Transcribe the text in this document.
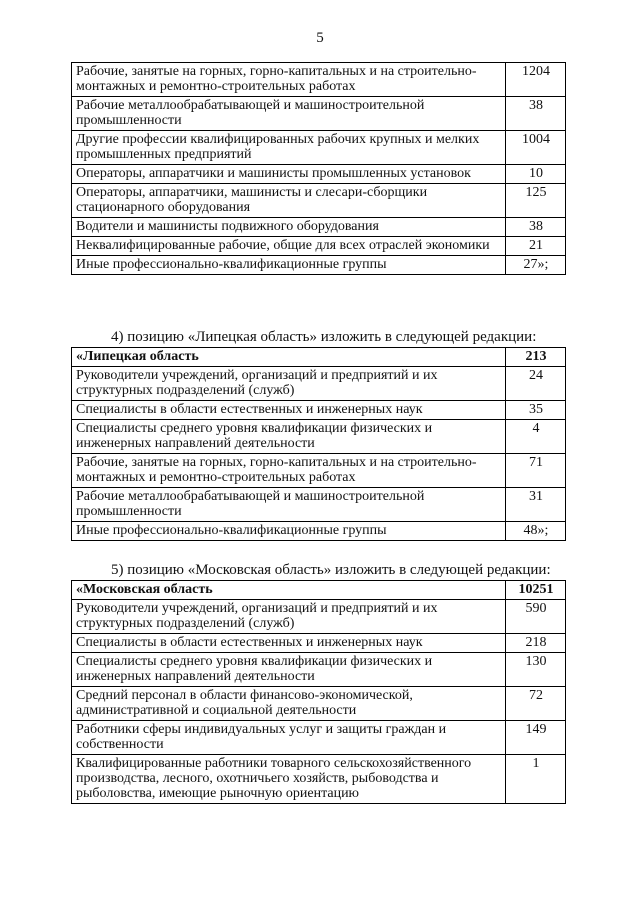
5
Рабочие, занятые на горных, горно-капитальных и на строительно-монтажных и ремонтно-строительных работах	1204
Рабочие металлообрабатывающей и машиностроительной промышленности	38
Другие профессии квалифицированных рабочих крупных и мелких промышленных предприятий	1004
Операторы, аппаратчики и машинисты промышленных установок	10
Операторы, аппаратчики, машинисты и слесари-сборщики стационарного оборудования	125
Водители и машинисты подвижного оборудования	38
Неквалифицированные рабочие, общие для всех отраслей экономики	21
Иные профессионально-квалификационные группы	27»;
4) позицию «Липецкая область» изложить в следующей редакции:
«Липецкая область	213
Руководители учреждений, организаций и предприятий и их структурных подразделений (служб)	24
Специалисты в области естественных и инженерных наук	35
Специалисты среднего уровня квалификации физических и инженерных направлений деятельности	4
Рабочие, занятые на горных, горно-капитальных и на строительно-монтажных и ремонтно-строительных работах	71
Рабочие металлообрабатывающей и машиностроительной промышленности	31
Иные профессионально-квалификационные группы	48»;
5) позицию «Московская область» изложить в следующей редакции:
«Московская область	10251
Руководители учреждений, организаций и предприятий и их структурных подразделений (служб)	590
Специалисты в области естественных и инженерных наук	218
Специалисты среднего уровня квалификации физических и инженерных направлений деятельности	130
Средний персонал в области финансово-экономической, административной и социальной деятельности	72
Работники сферы индивидуальных услуг и защиты граждан и собственности	149
Квалифицированные работники товарного сельскохозяйственного производства, лесного, охотничьего хозяйств, рыбоводства и рыболовства, имеющие рыночную ориентацию	1
